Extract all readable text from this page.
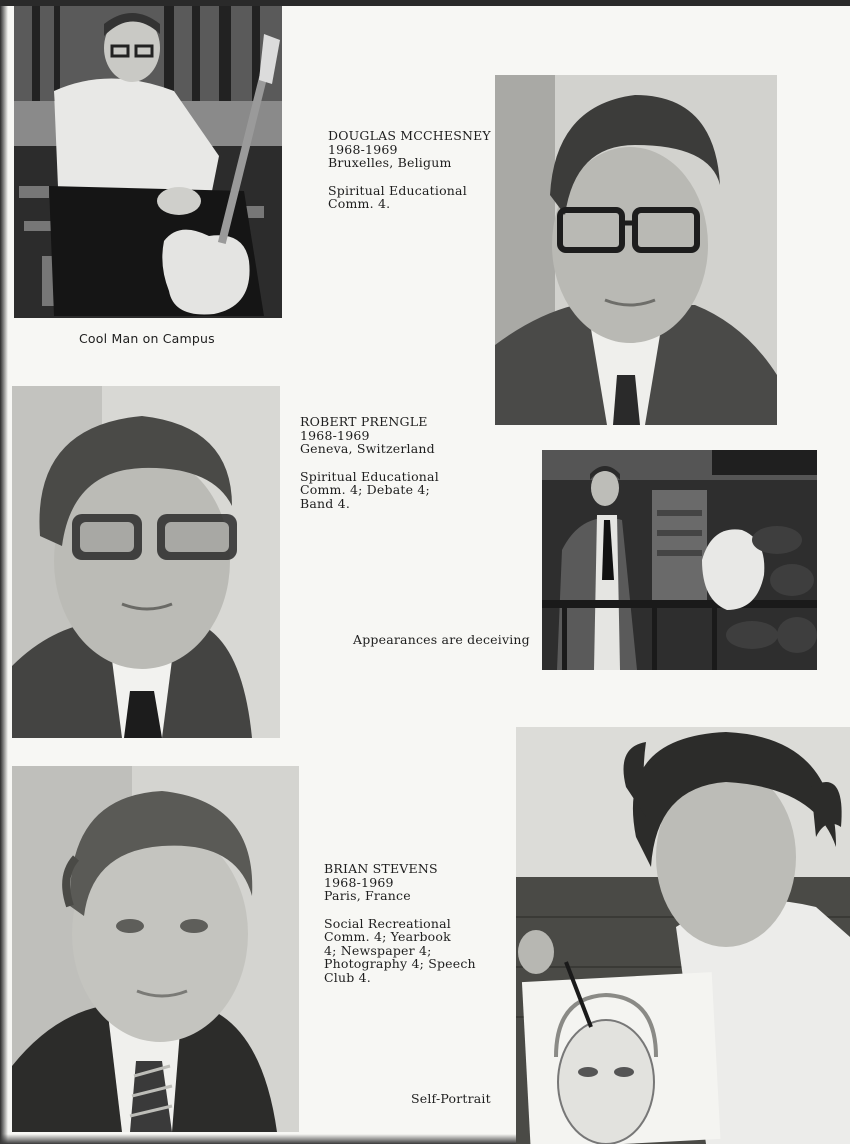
Cool Man on Campus
DOUGLAS MCCHESNEY
1968-1969
Bruxelles, Beligum
Spiritual Educational
Comm. 4.
ROBERT PRENGLE
1968-1969
Geneva, Switzerland
Spiritual Educational
Comm. 4; Debate 4;
Band 4.
Appearances are deceiving
BRIAN STEVENS
1968-1969
Paris, France
Social Recreational
Comm. 4; Yearbook
4; Newspaper 4;
Photography 4; Speech
Club 4.
Self-Portrait
